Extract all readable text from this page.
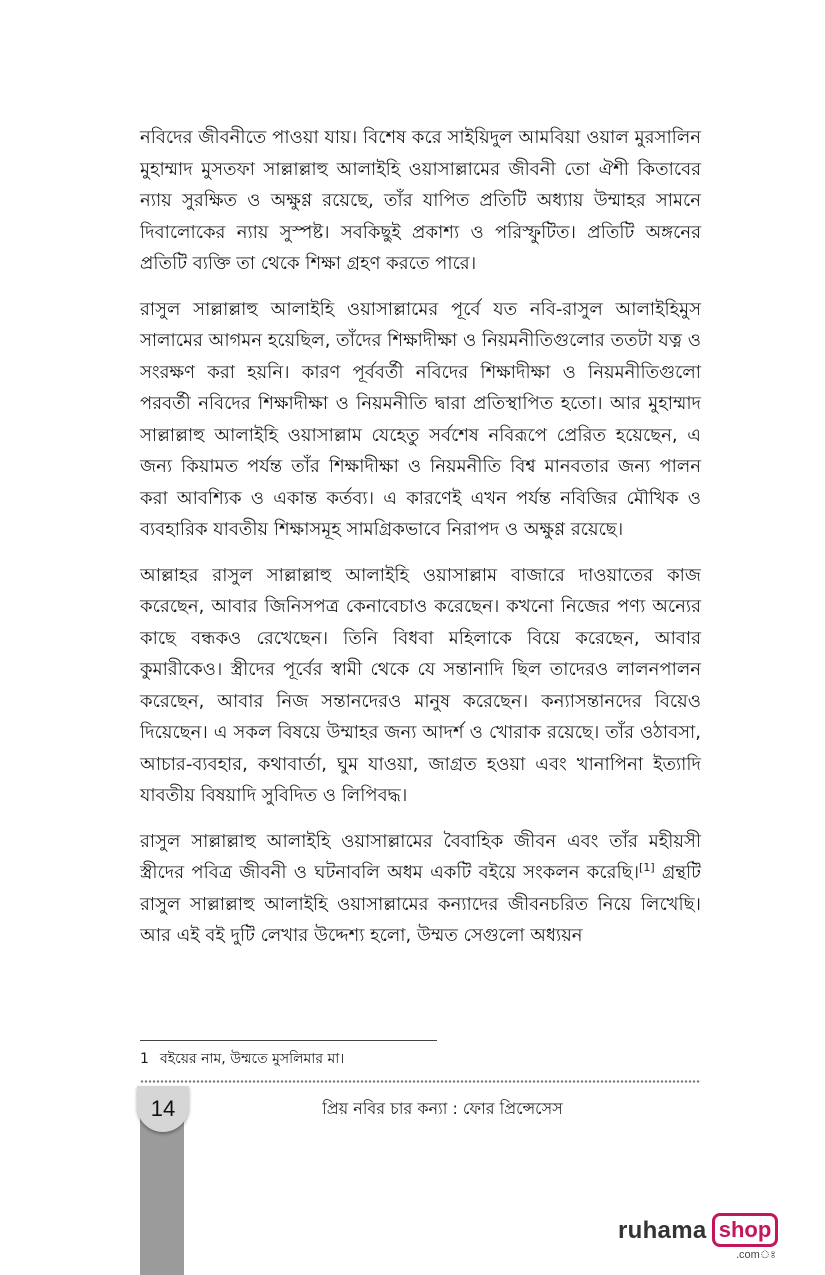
নবিদের জীবনীতে পাওয়া যায়। বিশেষ করে সাইয়িদুল আমবিয়া ওয়াল মুরসালিন মুহাম্মাদ মুসতফা সাল্লাল্লাহু আলাইহি ওয়াসাল্লামের জীবনী তো ঐশী কিতাবের ন্যায় সুরক্ষিত ও অক্ষুণ্ণ রয়েছে, তাঁর যাপিত প্রতিটি অধ্যায় উম্মাহর সামনে দিবালোকের ন্যায় সুস্পষ্ট। সবকিছুই প্রকাশ্য ও পরিস্ফুটিত। প্রতিটি অঙ্গনের প্রতিটি ব্যক্তি তা থেকে শিক্ষা গ্রহণ করতে পারে।

রাসুল সাল্লাল্লাহু আলাইহি ওয়াসাল্লামের পূর্বে যত নবি-রাসুল আলাইহিমুস সালামের আগমন হয়েছিল, তাঁদের শিক্ষাদীক্ষা ও নিয়মনীতিগুলোর ততটা যত্ন ও সংরক্ষণ করা হয়নি। কারণ পূর্ববর্তী নবিদের শিক্ষাদীক্ষা ও নিয়মনীতিগুলো পরবর্তী নবিদের শিক্ষাদীক্ষা ও নিয়মনীতি দ্বারা প্রতিস্থাপিত হতো। আর মুহাম্মাদ সাল্লাল্লাহু আলাইহি ওয়াসাল্লাম যেহেতু সর্বশেষ নবিরূপে প্রেরিত হয়েছেন, এ জন্য কিয়ামত পর্যন্ত তাঁর শিক্ষাদীক্ষা ও নিয়মনীতি বিশ্ব মানবতার জন্য পালন করা আবশ্যিক ও একান্ত কর্তব্য। এ কারণেই এখন পর্যন্ত নবিজির মৌখিক ও ব্যবহারিক যাবতীয় শিক্ষাসমূহ সামগ্রিকভাবে নিরাপদ ও অক্ষুণ্ণ রয়েছে।

আল্লাহর রাসুল সাল্লাল্লাহু আলাইহি ওয়াসাল্লাম বাজারে দাওয়াতের কাজ করেছেন, আবার জিনিসপত্র কেনাবেচাও করেছেন। কখনো নিজের পণ্য অন্যের কাছে বন্ধকও রেখেছেন। তিনি বিধবা মহিলাকে বিয়ে করেছেন, আবার কুমারীকেও। স্ত্রীদের পূর্বের স্বামী থেকে যে সন্তানাদি ছিল তাদেরও লালনপালন করেছেন, আবার নিজ সন্তানদেরও মানুষ করেছেন। কন্যাসন্তানদের বিয়েও দিয়েছেন। এ সকল বিষয়ে উম্মাহর জন্য আদর্শ ও খোরাক রয়েছে। তাঁর ওঠাবসা, আচার-ব্যবহার, কথাবার্তা, ঘুম যাওয়া, জাগ্রত হওয়া এবং খানাপিনা ইত্যাদি যাবতীয় বিষয়াদি সুবিদিত ও লিপিবদ্ধ।

রাসুল সাল্লাল্লাহু আলাইহি ওয়াসাল্লামের বৈবাহিক জীবন এবং তাঁর মহীয়সী স্ত্রীদের পবিত্র জীবনী ও ঘটনাবলি অধম একটি বইয়ে সংকলন করেছি।[1] গ্রন্থটি রাসুল সাল্লাল্লাহু আলাইহি ওয়াসাল্লামের কন্যাদের জীবনচরিত নিয়ে লিখেছি। আর এই বই দুটি লেখার উদ্দেশ্য হলো, উম্মত সেগুলো অধ্যয়ন

1 বইয়ের নাম, উম্মতে মুসলিমার মা।
14	প্রিয় নবির চার কন্যা : ফোর প্রিন্সেসেস
ruhama shop
.comঃ
